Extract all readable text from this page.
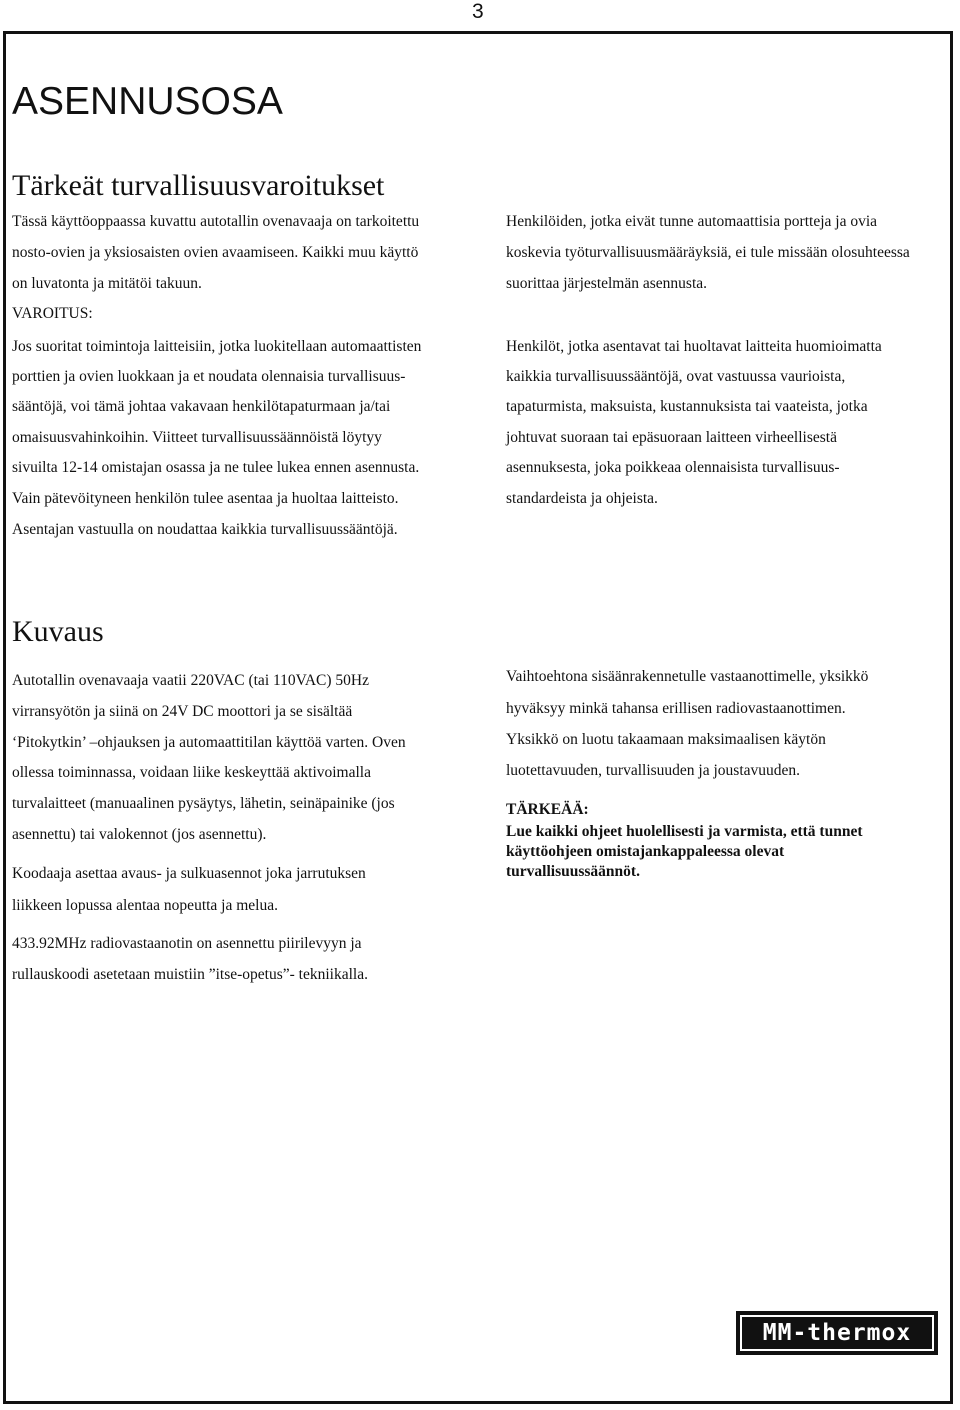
3
ASENNUSOSA
Tärkeät turvallisuusvaroitukset
Tässä käyttöoppaassa kuvattu autotallin ovenavaaja on tarkoitettu
nosto-ovien ja yksiosaisten ovien avaamiseen. Kaikki muu käyttö
on luvatonta ja mitätöi takuun.
VAROITUS:
Jos suoritat toimintoja laitteisiin, jotka luokitellaan automaattisten
porttien ja ovien luokkaan ja et noudata olennaisia turvallisuus-
sääntöjä, voi tämä johtaa vakavaan henkilötapaturmaan ja/tai
omaisuusvahinkoihin. Viitteet turvallisuussäännöistä löytyy
sivuilta 12-14 omistajan osassa ja ne tulee lukea ennen asennusta.
Vain pätevöityneen henkilön tulee asentaa ja huoltaa laitteisto.
Asentajan vastuulla on noudattaa kaikkia turvallisuussääntöjä.
Henkilöiden, jotka eivät tunne automaattisia portteja ja ovia
koskevia työturvallisuusmääräyksiä, ei tule missään olosuhteessa
suorittaa järjestelmän asennusta.
Henkilöt, jotka asentavat tai huoltavat laitteita huomioimatta
kaikkia turvallisuussääntöjä, ovat vastuussa vaurioista,
tapaturmista, maksuista, kustannuksista tai vaateista, jotka
johtuvat suoraan tai epäsuoraan laitteen virheellisestä
asennuksesta, joka poikkeaa olennaisista turvallisuus-
standardeista ja ohjeista.
Kuvaus
Autotallin ovenavaaja vaatii 220VAC (tai 110VAC) 50Hz
virransyötön ja siinä on 24V DC moottori ja se sisältää
‘Pitokytkin’ –ohjauksen ja automaattitilan käyttöä varten. Oven
ollessa toiminnassa, voidaan liike keskeyttää aktivoimalla
turvalaitteet (manuaalinen pysäytys, lähetin, seinäpainike (jos
asennettu) tai valokennot (jos asennettu).
Koodaaja asettaa avaus- ja sulkuasennot joka jarrutuksen
liikkeen lopussa alentaa nopeutta ja melua.
433.92MHz radiovastaanotin on asennettu piirilevyyn ja
rullauskoodi asetetaan muistiin ”itse-opetus”- tekniikalla.
Vaihtoehtona sisäänrakennetulle vastaanottimelle, yksikkö
hyväksyy minkä tahansa erillisen radiovastaanottimen.
Yksikkö on luotu takaamaan maksimaalisen käytön
luotettavuuden, turvallisuuden ja joustavuuden.
TÄRKEÄÄ:
Lue kaikki ohjeet huolellisesti ja varmista, että tunnet
käyttöohjeen omistajankappaleessa olevat
turvallisuussäännöt.
MM-thermox
